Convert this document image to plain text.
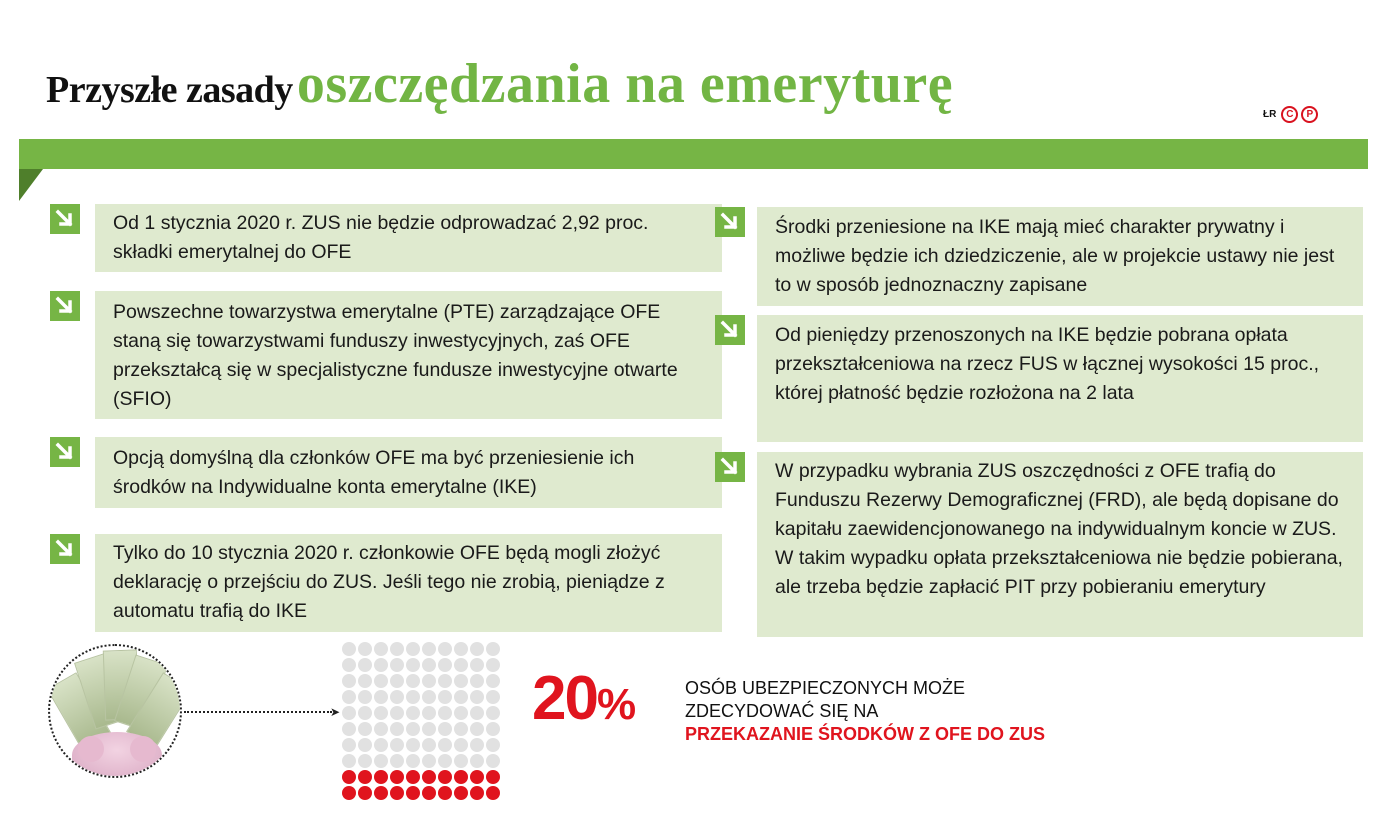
Przyszłe zasady oszczędzania na emeryturę	ŁR C	P
Od 1 stycznia 2020 r. ZUS nie będzie odprowadzać 2,92 proc. składki emerytalnej do OFE
Powszechne towarzystwa emerytalne (PTE) zarządzające OFE staną się towarzystwami funduszy inwestycyjnych, zaś OFE przekształcą się w specjalistyczne fundusze inwestycyjne otwarte (SFIO)
Opcją domyślną dla członków OFE ma być przeniesienie ich środków na Indywidualne konta emerytalne (IKE)
Tylko do 10 stycznia 2020 r. członkowie OFE będą mogli złożyć deklarację o przejściu do ZUS. Jeśli tego nie zrobią, pieniądze z automatu trafią do IKE
Środki przeniesione na IKE mają mieć charakter prywatny i możliwe będzie ich dziedziczenie, ale w projekcie ustawy nie jest to w sposób jednoznaczny zapisane
Od pieniędzy przenoszonych na IKE będzie pobrana opłata przekształceniowa na rzecz FUS w łącznej wysokości 15 proc., której płatność będzie rozłożona na 2 lata
W przypadku wybrania ZUS oszczędności z OFE trafią do Funduszu Rezerwy Demograficznej (FRD), ale będą dopisane do kapitału zaewidencjonowanego na indywidualnym koncie w ZUS. W takim wypadku opłata przekształceniowa nie będzie pobierana, ale trzeba będzie zapłacić PIT przy pobieraniu emerytury
➤	20%	OSÓB UBEZPIECZONYCH MOŻE
ZDECYDOWAĆ SIĘ NA
PRZEKAZANIE ŚRODKÓW Z OFE DO ZUS
